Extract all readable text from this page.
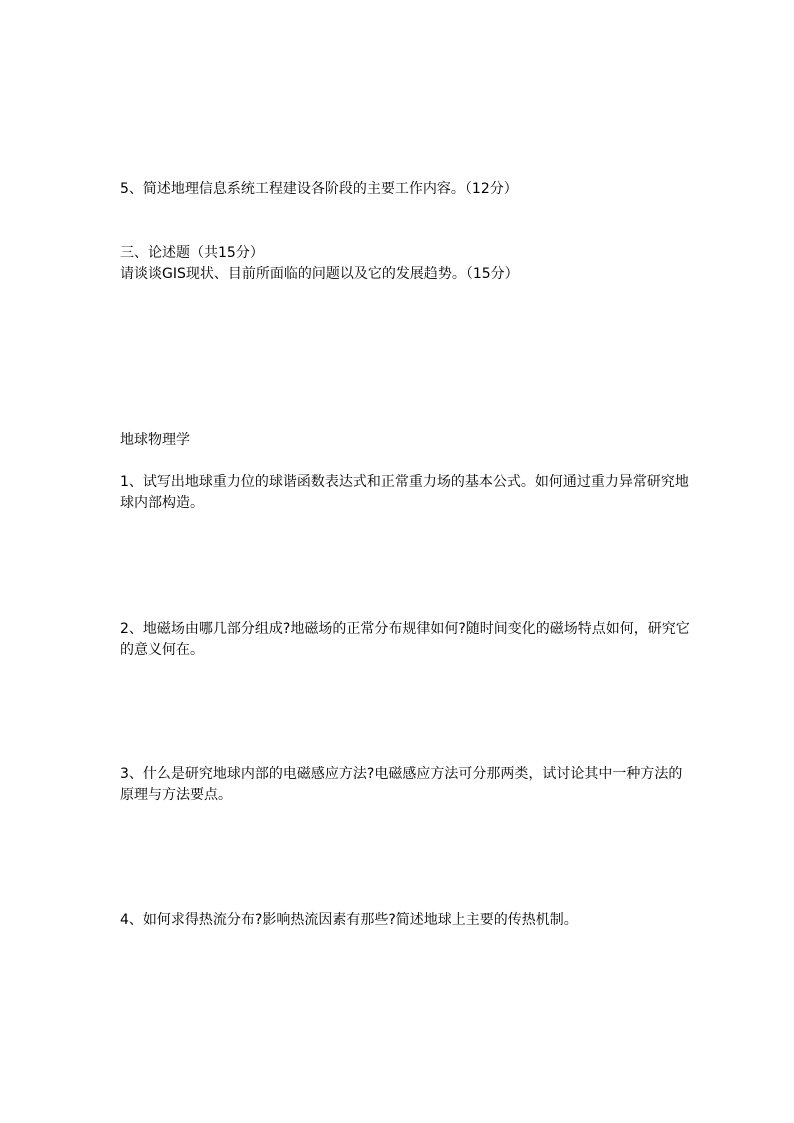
5、简述地理信息系统工程建设各阶段的主要工作内容。（12分）
三、论述题（共15分）
请谈谈GIS现状、目前所面临的问题以及它的发展趋势。（15分）
地球物理学
1、试写出地球重力位的球谐函数表达式和正常重力场的基本公式。如何通过重力异常研究地球内部构造。
2、地磁场由哪几部分组成?地磁场的正常分布规律如何?随时间变化的磁场特点如何，研究它的意义何在。
3、什么是研究地球内部的电磁感应方法?电磁感应方法可分那两类，试讨论其中一种方法的原理与方法要点。
4、如何求得热流分布?影响热流因素有那些?简述地球上主要的传热机制。
